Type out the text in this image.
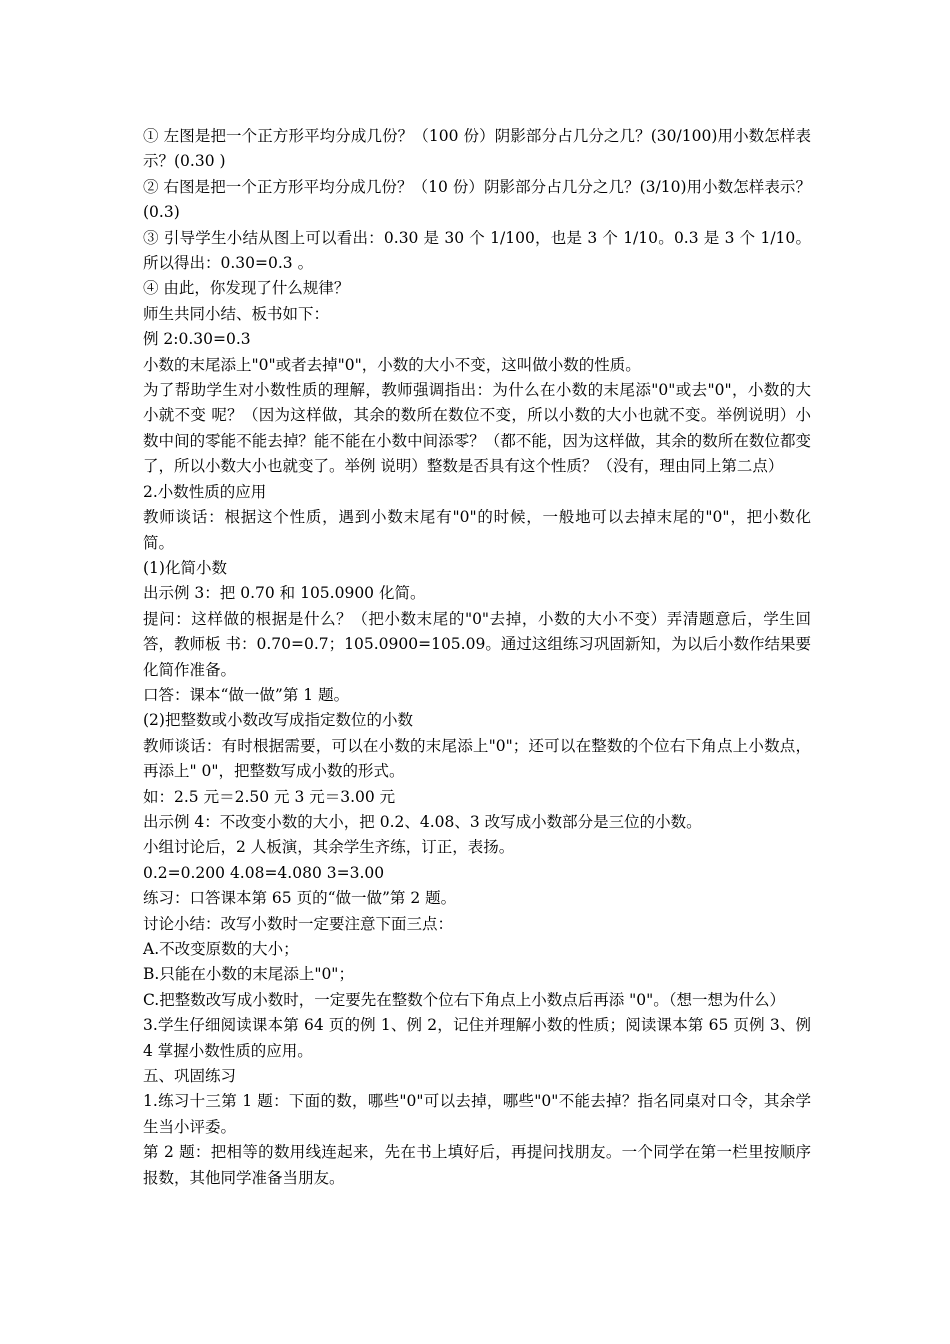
① 左图是把一个正方形平均分成几份？（100 份）阴影部分占几分之几？(30/100)用小数怎样表示？(0.30 )

② 右图是把一个正方形平均分成几份？（10 份）阴影部分占几分之几？(3/10)用小数怎样表示？(0.3)

③ 引导学生小结从图上可以看出：0.30 是 30 个 1/100，也是 3 个 1/10。0.3 是 3 个 1/10。所以得出：0.30=0.3 。

④ 由此，你发现了什么规律？

师生共同小结、板书如下：

例 2:0.30=0.3

小数的末尾添上"0"或者去掉"0"，小数的大小不变，这叫做小数的性质。

为了帮助学生对小数性质的理解，教师强调指出：为什么在小数的末尾添"0"或去"0"，小数的大小就不变 呢？（因为这样做，其余的数所在数位不变，所以小数的大小也就不变。举例说明）小数中间的零能不能去掉？能不能在小数中间添零？（都不能，因为这样做，其余的数所在数位都变了，所以小数大小也就变了。举例 说明）整数是否具有这个性质？（没有，理由同上第二点）

2.小数性质的应用

教师谈话：根据这个性质，遇到小数末尾有"0"的时候，一般地可以去掉末尾的"0"，把小数化简。

(1)化简小数

出示例 3：把 0.70 和 105.0900 化简。

提问：这样做的根据是什么？（把小数末尾的"0"去掉，小数的大小不变）弄清题意后，学生回答，教师板 书：0.70=0.7；105.0900=105.09。通过这组练习巩固新知，为以后小数作结果要化简作准备。

口答：课本“做一做”第 1 题。

(2)把整数或小数改写成指定数位的小数

教师谈话：有时根据需要，可以在小数的末尾添上"0"；还可以在整数的个位右下角点上小数点，再添上" 0"，把整数写成小数的形式。

如：2.5 元＝2.50 元 3 元＝3.00 元

出示例 4：不改变小数的大小，把 0.2、4.08、3 改写成小数部分是三位的小数。

小组讨论后，2 人板演，其余学生齐练，订正，表扬。

0.2=0.200 4.08=4.080 3=3.00

练习：口答课本第 65 页的“做一做”第 2 题。

讨论小结：改写小数时一定要注意下面三点：

A.不改变原数的大小；

B.只能在小数的末尾添上"0"；

C.把整数改写成小数时，一定要先在整数个位右下角点上小数点后再添 "0"。（想一想为什么）

3.学生仔细阅读课本第 64 页的例 1、例 2，记住并理解小数的性质；阅读课本第 65 页例 3、例 4 掌握小数性质的应用。

五、巩固练习

1.练习十三第 1 题：下面的数，哪些"0"可以去掉，哪些"0"不能去掉？指名同桌对口令，其余学生当小评委。

第 2 题：把相等的数用线连起来，先在书上填好后，再提问找朋友。一个同学在第一栏里按顺序报数，其他同学准备当朋友。
